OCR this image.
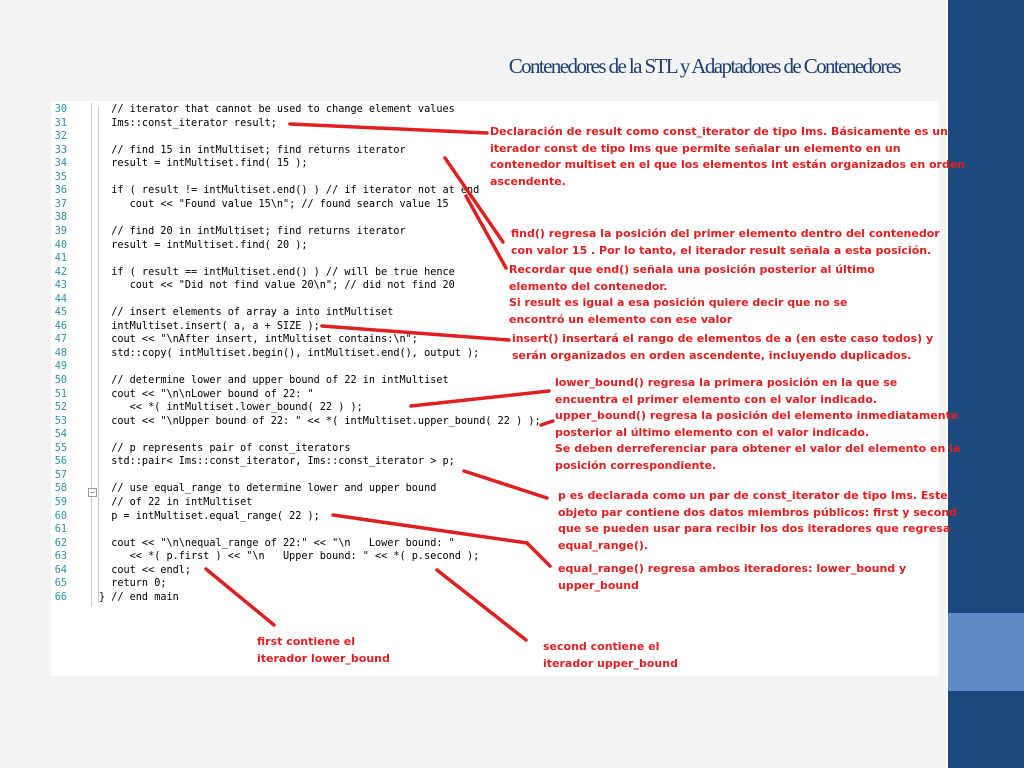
Contenedores de la STL y Adaptadores de Contenedores
−
30	// iterator that cannot be used to change element values
31	Ims::const_iterator result;
32
33	// find 15 in intMultiset; find returns iterator
34	result = intMultiset.find( 15 );
35
36	if ( result != intMultiset.end() ) // if iterator not at end
37	cout << "Found value 15\n"; // found search value 15
38
39	// find 20 in intMultiset; find returns iterator
40	result = intMultiset.find( 20 );
41
42	if ( result == intMultiset.end() ) // will be true hence
43	cout << "Did not find value 20\n"; // did not find 20
44
45	// insert elements of array a into intMultiset
46	intMultiset.insert( a, a + SIZE );
47	cout << "\nAfter insert, intMultiset contains:\n";
48	std::copy( intMultiset.begin(), intMultiset.end(), output );
49
50	// determine lower and upper bound of 22 in intMultiset
51	cout << "\n\nLower bound of 22: "
52	<< *( intMultiset.lower_bound( 22 ) );
53	cout << "\nUpper bound of 22: " << *( intMultiset.upper_bound( 22 ) );
54
55	// p represents pair of const_iterators
56	std::pair< Ims::const_iterator, Ims::const_iterator > p;
57
58	// use equal_range to determine lower and upper bound
59	// of 22 in intMultiset
60	p = intMultiset.equal_range( 22 );
61
62	cout << "\n\nequal_range of 22:" << "\n   Lower bound: "
63	<< *( p.first ) << "\n   Upper bound: " << *( p.second );
64	cout << endl;
65	return 0;
66	} // end main
Declaración de result como const_iterator de tipo Ims. Básicamente es un
iterador const de tipo Ims que permite señalar un elemento en un
contenedor multiset en el que los elementos int están organizados en orden
ascendente.
find() regresa la posición del primer elemento dentro del contenedor
con valor 15 . Por lo tanto, el iterador result señala a esta posición.
Recordar que end() señala una posición posterior al último
elemento del contenedor.
Si result es igual a esa posición quiere decir que no se
encontró un elemento con ese valor
insert() insertará el rango de elementos de a (en este caso todos) y
serán organizados en orden ascendente, incluyendo duplicados.
lower_bound() regresa la primera posición en la que se
encuentra el primer elemento con el valor indicado.
upper_bound() regresa la posición del elemento inmediatamente
posterior al último elemento con el valor indicado.
Se deben derreferenciar para obtener el valor del elemento en la
posición correspondiente.
p es declarada como un par de const_iterator de tipo Ims. Este
objeto par contiene dos datos miembros públicos: first y second
que se pueden usar para recibir los dos iteradores que regresa
equal_range().
equal_range() regresa ambos iteradores: lower_bound y
upper_bound
first contiene el
iterador lower_bound
second contiene el
iterador upper_bound
